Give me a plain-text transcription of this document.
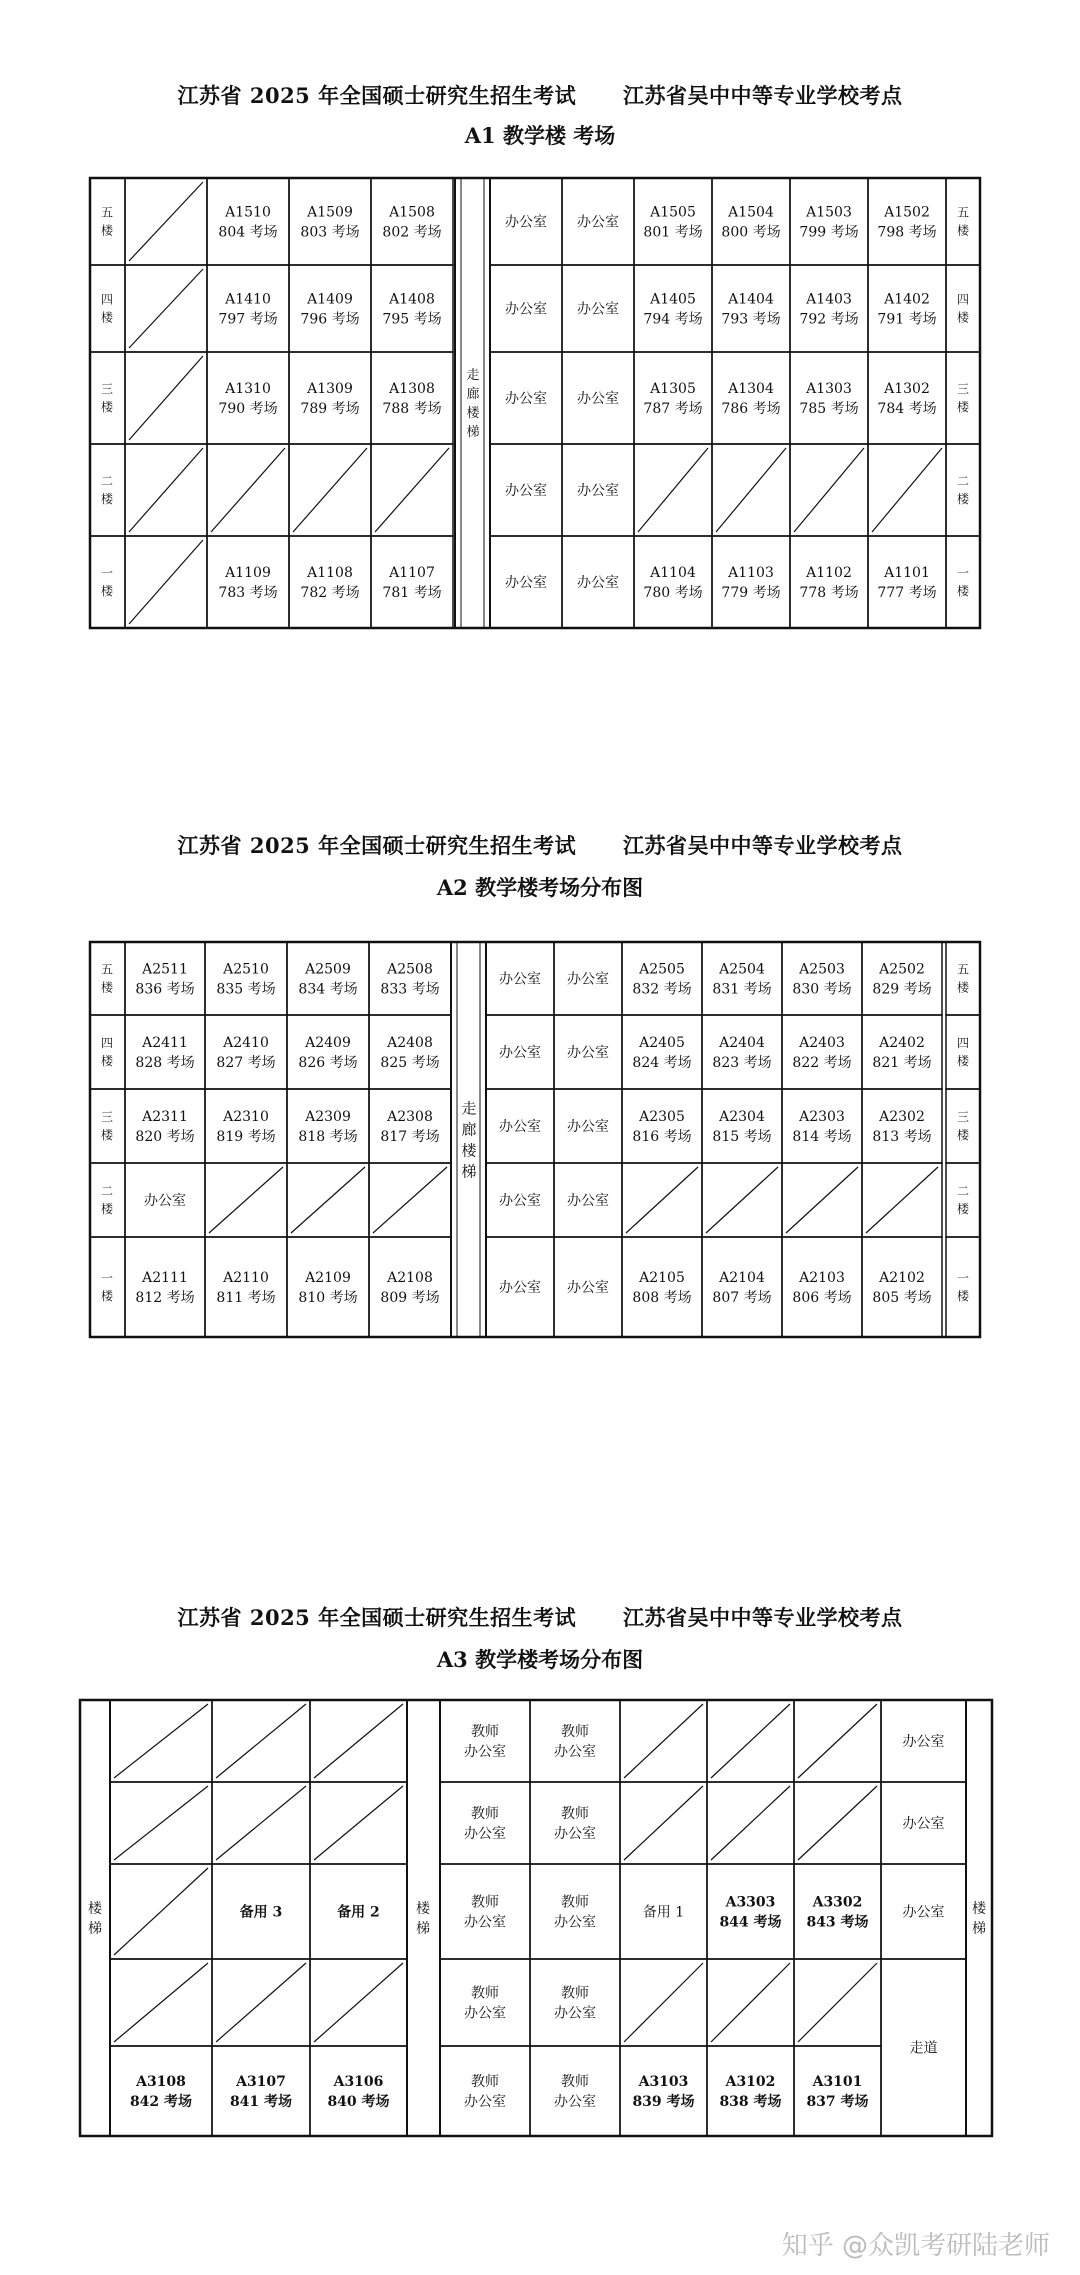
江苏省 2025 年全国硕士研究生招生考试      江苏省吴中中等专业学校考点
A1 教学楼 考场
五
楼
四
楼
三
楼
二
楼
一
楼
A1510
804 考场
A1509
803 考场
A1508
802 考场
A1410
797 考场
A1409
796 考场
A1408
795 考场
A1310
790 考场
A1309
789 考场
A1308
788 考场
A1109
783 考场
A1108
782 考场
A1107
781 考场
走
廊
楼
梯
办公室 办公室
A1505
801 考场
A1504
800 考场
A1503
799 考场
A1502
798 考场
办公室 办公室
A1405
794 考场
A1404
793 考场
A1403
792 考场
A1402
791 考场
办公室 办公室
A1305
787 考场
A1304
786 考场
A1303
785 考场
A1302
784 考场
办公室 办公室
办公室 办公室
A1104
780 考场
A1103
779 考场
A1102
778 考场
A1101
777 考场
五
楼
四
楼
三
楼
二
楼
一
楼
江苏省 2025 年全国硕士研究生招生考试      江苏省吴中中等专业学校考点
A2 教学楼考场分布图
五
楼
四
楼
三
楼
二
楼
一
楼
A2511
836 考场
A2510
835 考场
A2509
834 考场
A2508
833 考场
A2411
828 考场
A2410
827 考场
A2409
826 考场
A2408
825 考场
A2311
820 考场
A2310
819 考场
A2309
818 考场
A2308
817 考场
办公室
A2111
812 考场
A2110
811 考场
A2109
810 考场
A2108
809 考场
走
廊
楼
梯
办公室 办公室
A2505
832 考场
A2504
831 考场
A2503
830 考场
A2502
829 考场
办公室 办公室
A2405
824 考场
A2404
823 考场
A2403
822 考场
A2402
821 考场
办公室 办公室
A2305
816 考场
A2304
815 考场
A2303
814 考场
A2302
813 考场
办公室 办公室
办公室 办公室
A2105
808 考场
A2104
807 考场
A2103
806 考场
A2102
805 考场
五
楼
四
楼
三
楼
二
楼
一
楼
江苏省 2025 年全国硕士研究生招生考试      江苏省吴中中等专业学校考点
A3 教学楼考场分布图
楼
梯
备用 3	备用 2
A3108
842 考场
A3107
841 考场
A3106
840 考场
楼
梯
教师
办公室
教师
办公室
办公室
教师
办公室
教师
办公室
办公室
教师
办公室
教师
办公室
备用 1
A3303
844 考场
A3302
843 考场
办公室
教师
办公室
教师
办公室
走道
教师
办公室
教师
办公室
A3103
839 考场
A3102
838 考场
A3101
837 考场
楼
梯
知乎 @众凯考研陆老师
